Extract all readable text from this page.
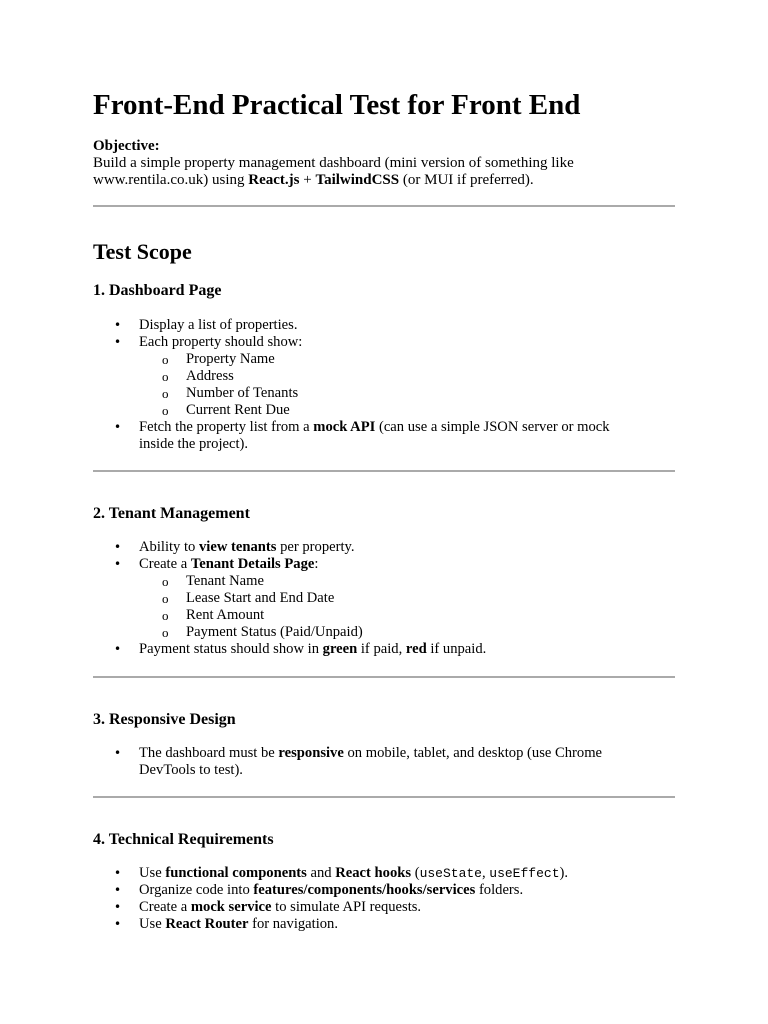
Front-End Practical Test for Front End
Objective:
Build a simple property management dashboard (mini version of something like
www.rentila.co.uk) using React.js + TailwindCSS (or MUI if preferred).
Test Scope
1. Dashboard Page
• Display a list of properties.
• Each property should show:
o Property Name
o Address
o Number of Tenants
o Current Rent Due
• Fetch the property list from a mock API (can use a simple JSON server or mock
inside the project).
2. Tenant Management
• Ability to view tenants per property.
• Create a Tenant Details Page:
o Tenant Name
o Lease Start and End Date
o Rent Amount
o Payment Status (Paid/Unpaid)
• Payment status should show in green if paid, red if unpaid.
3. Responsive Design
• The dashboard must be responsive on mobile, tablet, and desktop (use Chrome
DevTools to test).
4. Technical Requirements
• Use functional components and React hooks (useState, useEffect).
• Organize code into features/components/hooks/services folders.
• Create a mock service to simulate API requests.
• Use React Router for navigation.
